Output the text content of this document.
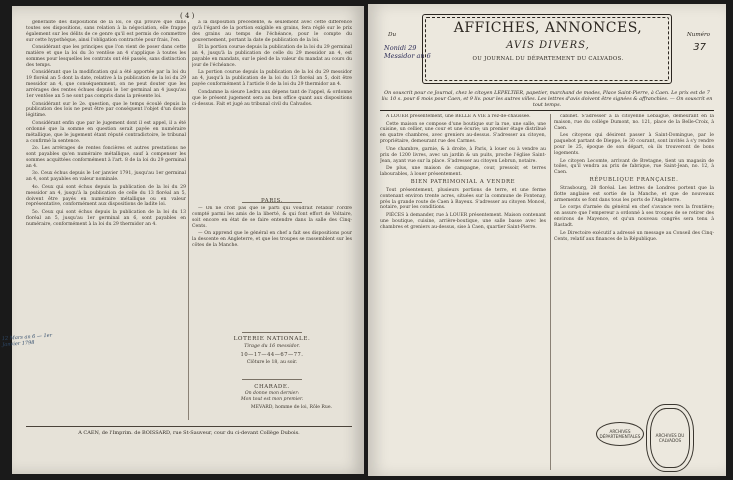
( 4 )

généralité des dispositions de la loi, ce qui prouve que dans toutes ses dispositions, sans relation à la négociation, elle frappe également sur les délits de ce genre qu'il est permis de commettre sur cette hypothèque, ainsi l'obligation contractée pour frais, l'en.

Considérant que les principes que l'on vient de poser dans cette matière et que la loi du 3o ventôse an 4 s'applique à toutes les sommes pour lesquelles les contrats ont été passés, sans distinction des temps.

Considérant que la modification qui a été apportée par la loi du 19 floréal an 5 dont la date, relative à la publication de la loi du 29 messidor an 4, que conséquemment, on ne peut douter que les arrérages des rentes échues depuis le 1er germinal an 4 jusqu'au 1er ventôse an 5 ne sont pas compris dans la présente loi.

Considérant sur le 2e. question, que le temps écoulé depuis la publication des lois ne peut être par conséquent l'objet d'un doute légitime.

Considérant enfin que par le jugement dont il est appel, il a été ordonné que la somme en question serait payée en numéraire métallique, que le jugement étant réputé contradictoire, le tribunal a confirmé la sentence.

2o. Les arrérages de rentes foncières et autres prestations ne sont payables qu'en numéraire métallique, sauf à compenser les sommes acquittées conformément à l'art. 8 de la loi du 29 germinal an 4.

3o. Ceux échus depuis le 1er janvier 1791, jusqu'au 1er germinal an 4, sont payables en valeur nominale.

4o. Ceux qui sont échus depuis la publication de la loi du 29 messidor an 4, jusqu'à la publication de celle du 13 floréal an 5, doivent être payés en numéraire métallique ou en valeur représentative, conformément aux dispositions de ladite loi.

5o. Ceux qui sont échus depuis la publication de la loi du 13 floréal an 5, jusqu'au 1er germinal an 6, sont payables en numéraire, conformément à la loi du 29 thermidor an 4.

à la disposition précédente, & seulement avec cette différence qu'à l'égard de la portion exigible en grains, fera réglé sur le prix des grains au temps de l'échéance, pour le compte du gouvernement, portant la date de publication de la loi.

Et la portion courue depuis la publication de la loi du 29 germinal an 4, jusqu'à la publication de celle du 29 messidor an 4, est payable en mandats, sur le pied de la valeur du mandat au cours du jour de l'échéance.

La portion courue depuis la publication de la loi du 29 messidor an 4, jusqu'à la publication de la loi du 13 floréal an 5, doit être payée conformément à l'article 8 de la loi du 29 thermidor an 4.

Condamne la sieure Ledru aux dépens tant de l'appel, & ordonne que le présent jugement sera au bon office quant aux dispositions ci-dessus. Fait et jugé au tribunal civil du Calvados.

PARIS.

— On ne croit pas que le parti qui voudrait rétablir l'ordre compté parmi les amis de la liberté, & qui font effort de Voltaire, soit encore en état de se faire entendre dans la salle des Cinq-Cents.

— On apprend que le général en chef a fait ses dispositions pour la descente en Angleterre, et que les troupes se rassemblent sur les côtes de la Manche.

LOTERIE NATIONALE.
Tirage du 16 messidor.
10—17—44—67—77.
Clôture le 18, au soir.
CHARADE.
On donne mon dernier:
Mon tout est mon premier.
MEVARD, homme de loi, Rôle Rue.
A CAEN, de l'Imprim. de BOISSARD, rue St-Sauveur, cour du ci-devant Collège Dubois.
12 Mars an 6 — 1er Janvier 1798
Du
Nonidi 29 Messidor an 6
AFFICHES, ANNONCES,
AVIS DIVERS,
OU JOURNAL DU DÉPARTEMENT DU CALVADOS.
Numéro
37
On souscrit pour ce Journal, chez le citoyen LEPELTIER, papetier, marchand de modes, Place Saint-Pierre, à Caen. Le prix est de 7 liv. 10 s. pour 6 mois pour Caen, et 9 liv. pour les autres villes. Les lettres d'avis doivent être signées & affranchies. — On souscrit en tout temps.

A LOUER présentement, une BELLE À VIE à rez-de-chaussée.

Cette maison se compose d'une boutique sur la rue, une salle, une cuisine, un cellier, une cour et une écurie; un premier étage distribué en quatre chambres, avec greniers au-dessus. S'adresser au citoyen, propriétaire, demeurant rue des Carmes.

Une chambre, garnie, & à droite, à Paris, à louer ou à vendre au prix de 1200 livres, avec un jardin & un puits, proche l'église Saint-Jean, ayant vue sur la place. S'adresser au citoyen Lebrun, notaire.

De plus, une maison de campagne, cour, pressoir, et terres labourables, à louer présentement.

BIEN PATRIMONIAL A VENDRE

Tout présentement, plusieurs portions de terre, et une ferme contenant environ trente acres, situées sur la commune de Fontenay, près la grande route de Caen à Bayeux. S'adresser au citoyen Moncel, notaire, pour les conditions.

PIÈCES à demander, rue à LOUER présentement. Maison contenant une boutique, cuisine, arrière-boutique, une salle basse avec les chambres et greniers au-dessus, sise à Caen, quartier Saint-Pierre.

cabinet. S'adresser à la citoyenne Lebaigue, demeurant en la maison, rue du collège Dumont, no. 121, place de la Belle-Croix, à Caen.

Les citoyens qui désirent passer à Saint-Domingue, par le paquebot partant de Dieppe, le 30 courant, sont invités à s'y rendre pour le 25, époque de son départ, où ils trouveront de bons logements.

Le citoyen Lecomte, arrivant de Bretagne, tient un magasin de toiles, qu'il vendra au prix de fabrique, rue Saint-Jean, no. 12, à Caen.

RÉPUBLIQUE FRANÇAISE.

Strasbourg, 28 floréal. Les lettres de Londres portent que la flotte anglaise est sortie de la Manche, et que de nouveaux armements se font dans tous les ports de l'Angleterre.

Le corps d'armée du général en chef s'avance vers la frontière; on assure que l'empereur a ordonné à ses troupes de se retirer des environs de Mayence, et qu'un nouveau congrès sera tenu à Rastadt.

Le Directoire exécutif a adressé un message au Conseil des Cinq-Cents, relatif aux finances de la République.

ARCHIVES DÉPARTEMENTALES	ARCHIVES DU CALVADOS
